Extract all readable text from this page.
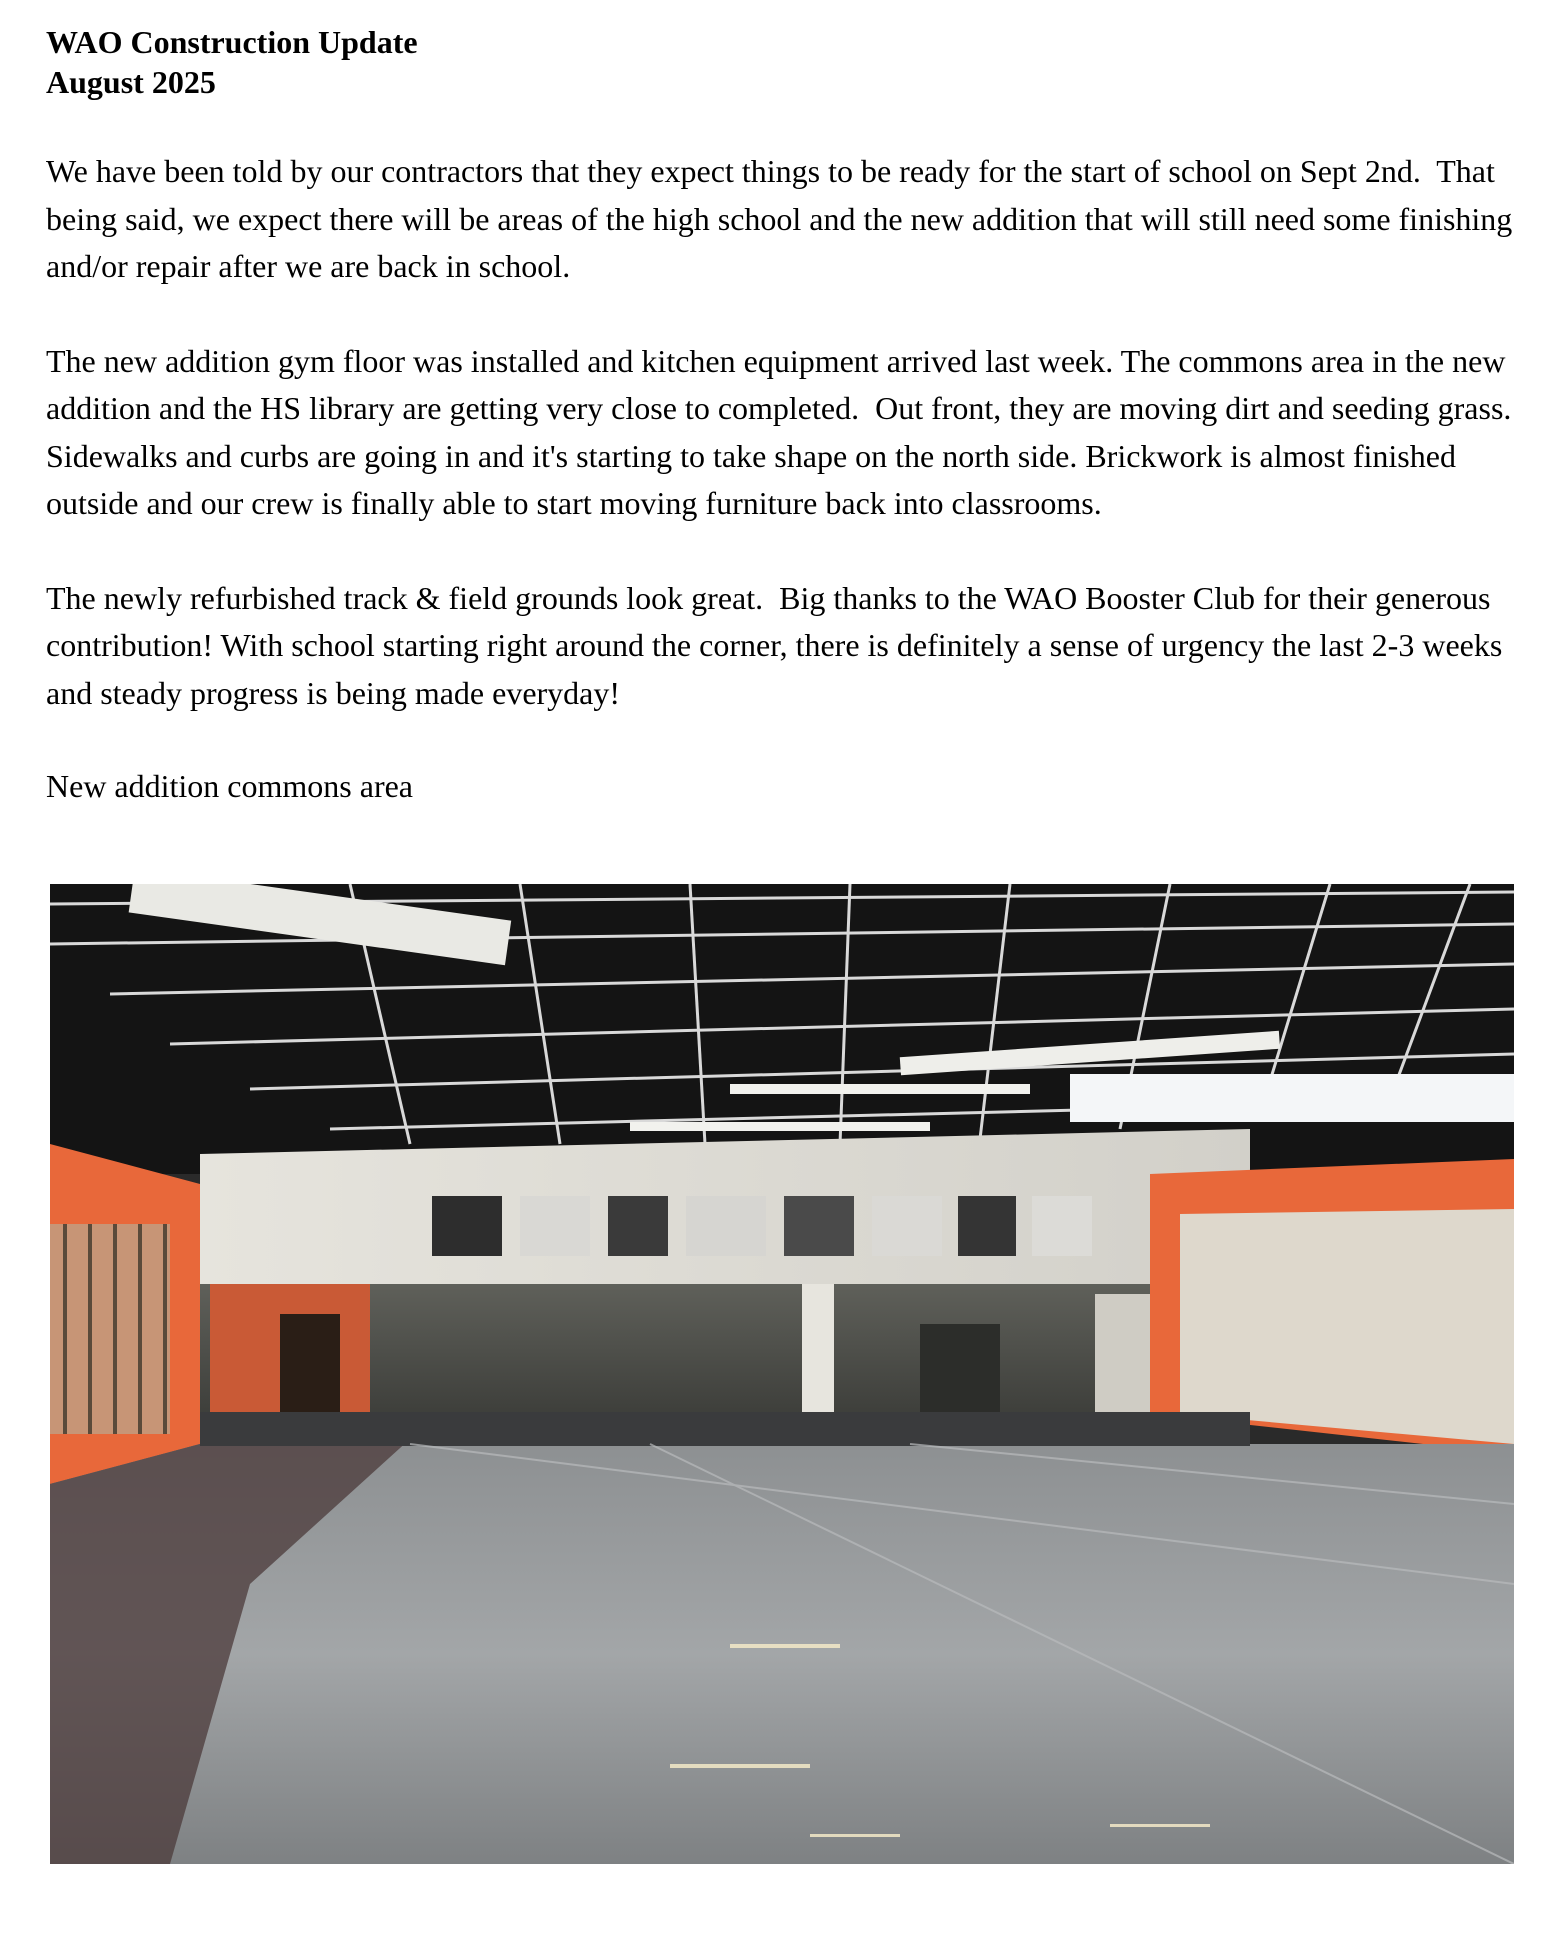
WAO Construction Update

August 2025

We have been told by our contractors that they expect things to be ready for the start of school on Sept 2nd.  That being said, we expect there will be areas of the high school and the new addition that will still need some finishing and/or repair after we are back in school.

The new addition gym floor was installed and kitchen equipment arrived last week. The commons area in the new addition and the HS library are getting very close to completed.  Out front, they are moving dirt and seeding grass.  Sidewalks and curbs are going in and it's starting to take shape on the north side. Brickwork is almost finished outside and our crew is finally able to start moving furniture back into classrooms.

The newly refurbished track & field grounds look great.  Big thanks to the WAO Booster Club for their generous contribution! With school starting right around the corner, there is definitely a sense of urgency the last 2-3 weeks and steady progress is being made everyday!

New addition commons area
